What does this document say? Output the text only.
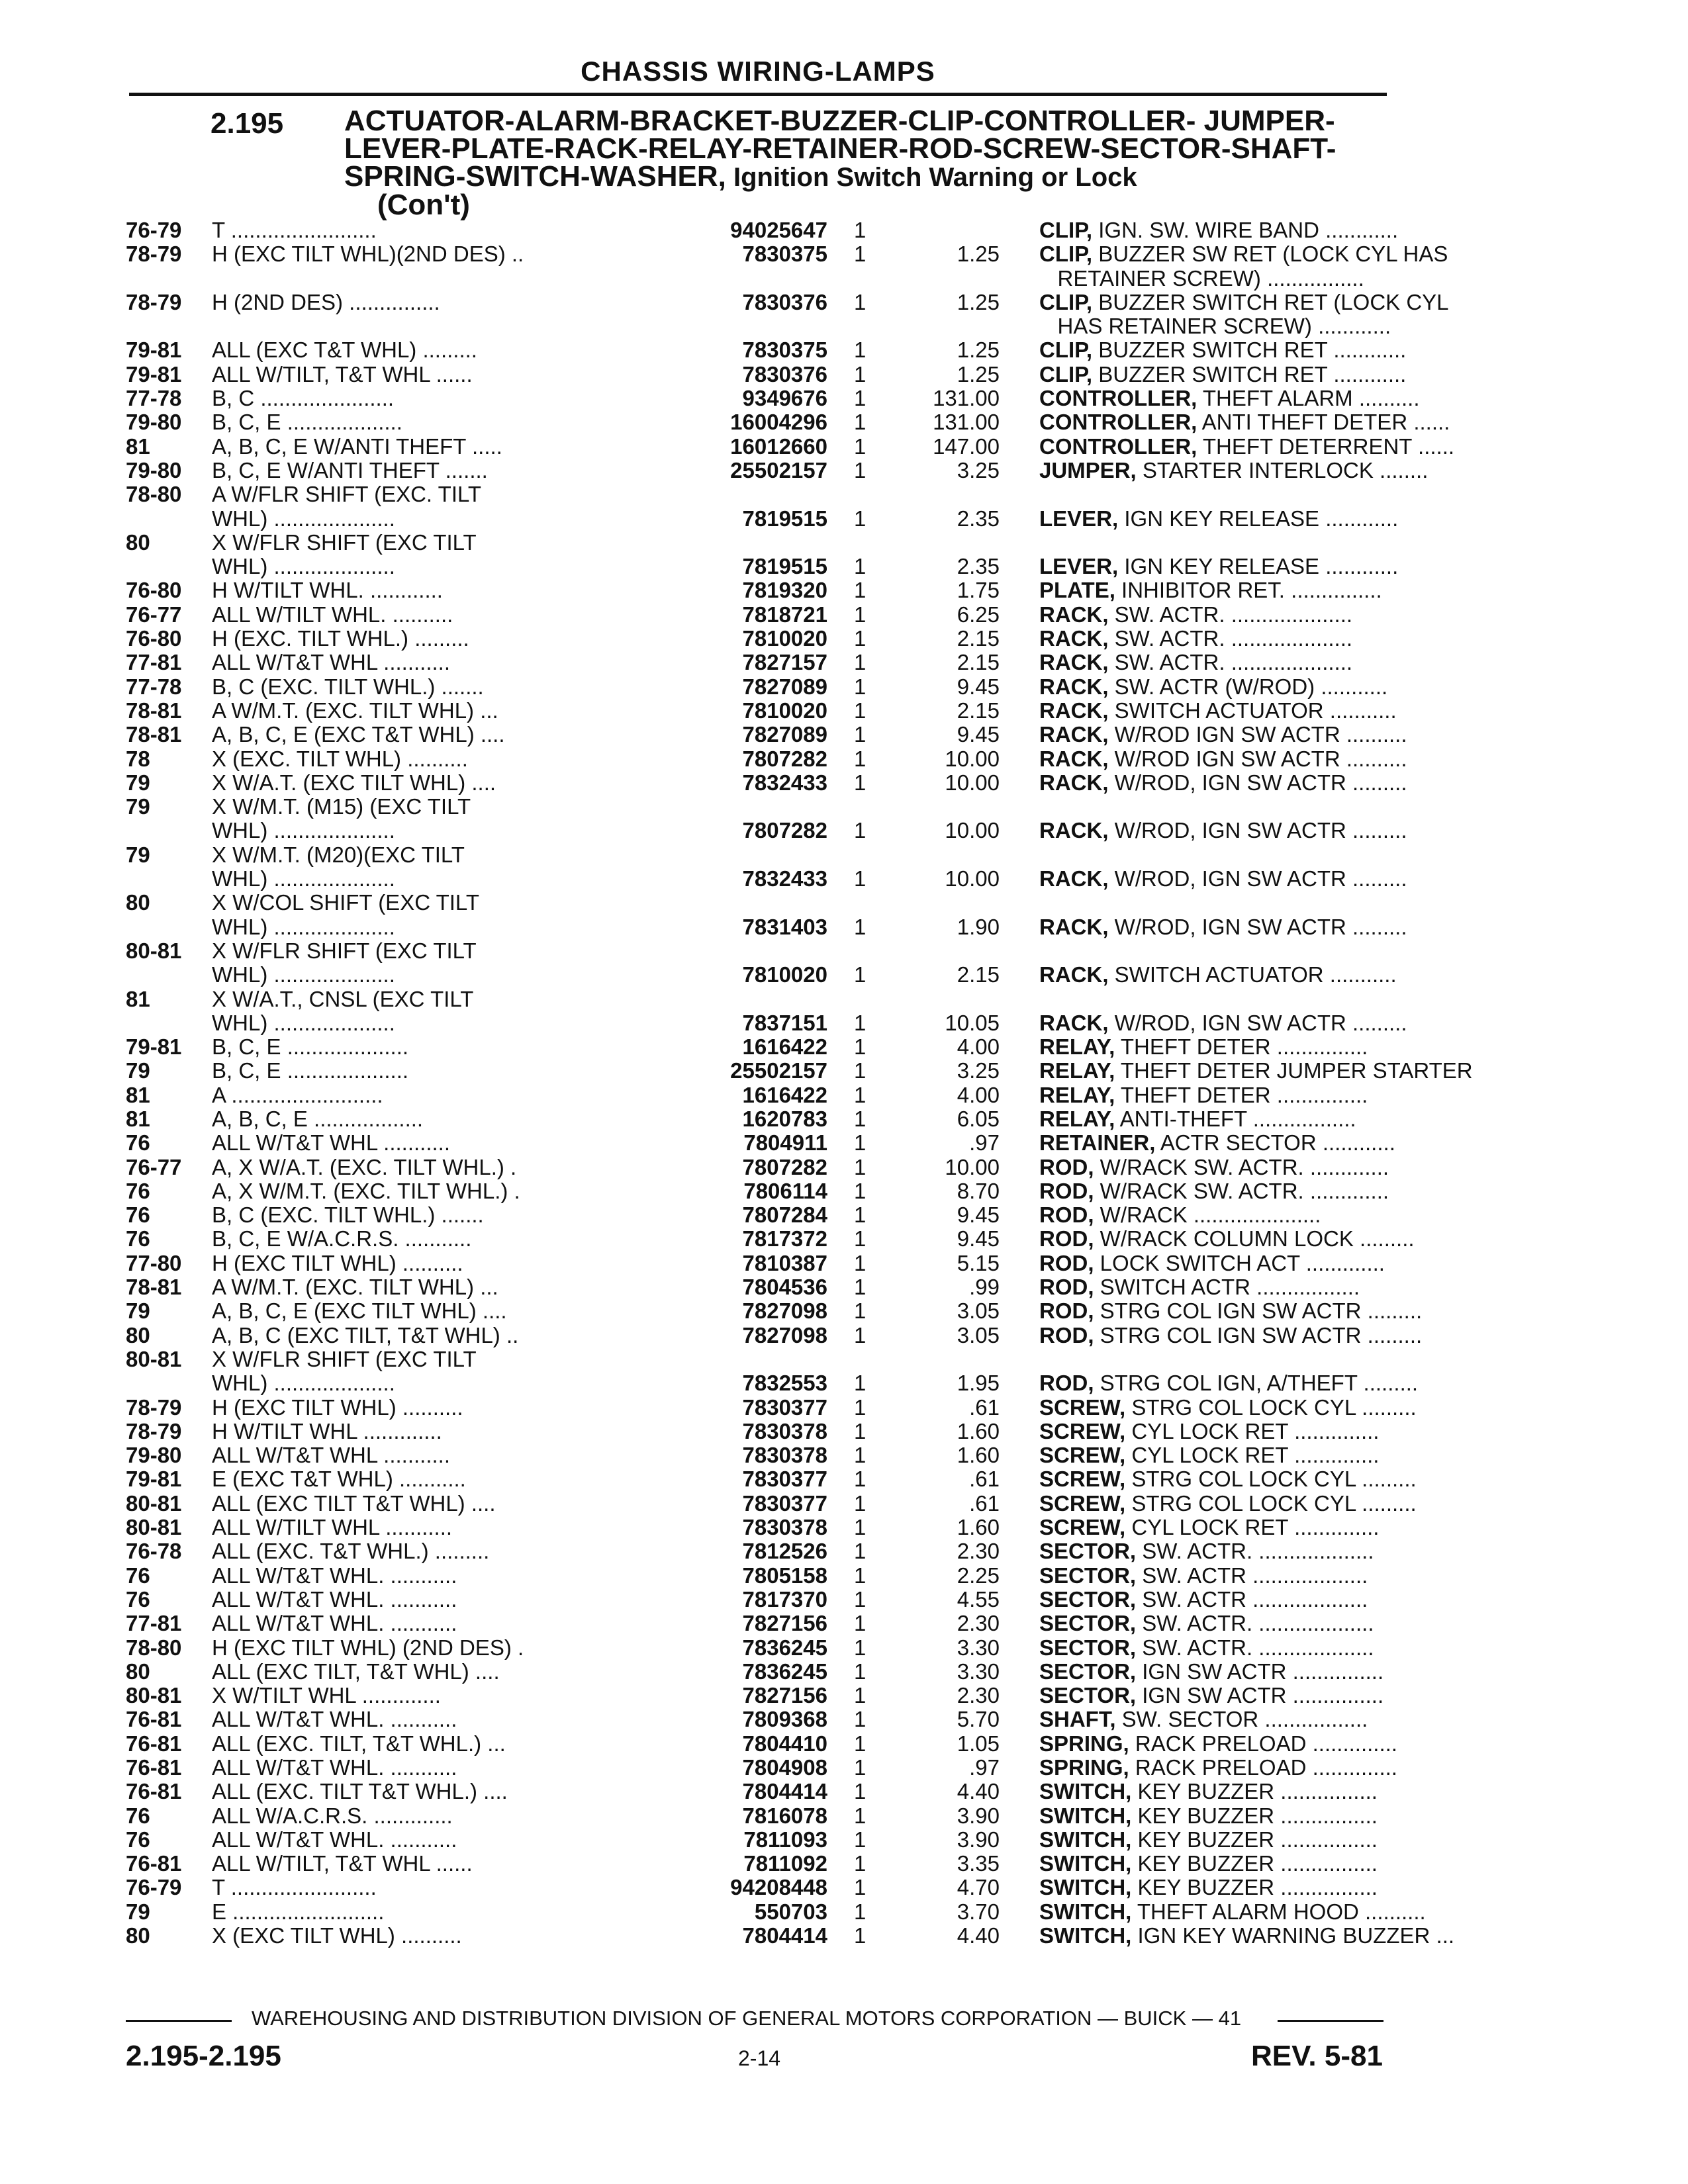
CHASSIS WIRING-LAMPS
2.195 ACTUATOR-ALARM-BRACKET-BUZZER-CLIP-CONTROLLER- JUMPER-LEVER-PLATE-RACK-RELAY-RETAINER-ROD-SCREW-SECTOR-SHAFT-SPRING-SWITCH-WASHER, Ignition Switch Warning or Lock
(Con't)
76-79 T ........................	94025647 1	CLIP, IGN. SW. WIRE BAND ............
78-79 H (EXC TILT WHL)(2ND DES) ..	7830375 1	1.25 CLIP, BUZZER SW RET (LOCK CYL HAS
RETAINER SCREW) ................
78-79 H (2ND DES) ...............	7830376 1	1.25 CLIP, BUZZER SWITCH RET (LOCK CYL
HAS RETAINER SCREW) ............
79-81 ALL (EXC T&T WHL) .........	7830375 1	1.25 CLIP, BUZZER SWITCH RET ............
79-81 ALL W/TILT, T&T WHL ......	7830376 1	1.25 CLIP, BUZZER SWITCH RET ............
77-78 B, C ......................	9349676 1	131.00 CONTROLLER, THEFT ALARM ..........
79-80 B, C, E ...................	16004296 1	131.00 CONTROLLER, ANTI THEFT DETER ......
81	A, B, C, E W/ANTI THEFT .....	16012660 1	147.00 CONTROLLER, THEFT DETERRENT ......
79-80 B, C, E W/ANTI THEFT .......	25502157 1	3.25 JUMPER, STARTER INTERLOCK ........
78-80 A W/FLR SHIFT (EXC. TILT
WHL) ....................	7819515 1	2.35 LEVER, IGN KEY RELEASE ............
80	X W/FLR SHIFT (EXC TILT
WHL) ....................	7819515 1	2.35 LEVER, IGN KEY RELEASE ............
76-80 H W/TILT WHL. ............	7819320 1	1.75 PLATE, INHIBITOR RET. ...............
76-77 ALL W/TILT WHL. ..........	7818721 1	6.25 RACK, SW. ACTR. ....................
76-80 H (EXC. TILT WHL.) .........	7810020 1	2.15 RACK, SW. ACTR. ....................
77-81 ALL W/T&T WHL ...........	7827157 1	2.15 RACK, SW. ACTR. ....................
77-78 B, C (EXC. TILT WHL.) .......	7827089 1	9.45 RACK, SW. ACTR (W/ROD) ...........
78-81 A W/M.T. (EXC. TILT WHL) ...	7810020 1	2.15 RACK, SWITCH ACTUATOR ...........
78-81 A, B, C, E (EXC T&T WHL) ....	7827089 1	9.45 RACK, W/ROD IGN SW ACTR ..........
78	X (EXC. TILT WHL) ..........	7807282 1	10.00 RACK, W/ROD IGN SW ACTR ..........
79	X W/A.T. (EXC TILT WHL) ....	7832433 1	10.00 RACK, W/ROD, IGN SW ACTR .........
79	X W/M.T. (M15) (EXC TILT
WHL) ....................	7807282 1	10.00 RACK, W/ROD, IGN SW ACTR .........
79	X W/M.T. (M20)(EXC TILT
WHL) ....................	7832433 1	10.00 RACK, W/ROD, IGN SW ACTR .........
80	X W/COL SHIFT (EXC TILT
WHL) ....................	7831403 1	1.90 RACK, W/ROD, IGN SW ACTR .........
80-81 X W/FLR SHIFT (EXC TILT
WHL) ....................	7810020 1	2.15 RACK, SWITCH ACTUATOR ...........
81	X W/A.T., CNSL (EXC TILT
WHL) ....................	7837151 1	10.05 RACK, W/ROD, IGN SW ACTR .........
79-81 B, C, E ....................	1616422 1	4.00 RELAY, THEFT DETER ...............
79	B, C, E ....................	25502157 1	3.25 RELAY, THEFT DETER JUMPER STARTER
81	A .........................	1616422 1	4.00 RELAY, THEFT DETER ...............
81	A, B, C, E ..................	1620783 1	6.05 RELAY, ANTI-THEFT .................
76	ALL W/T&T WHL ...........	7804911 1	.97 RETAINER, ACTR SECTOR ............
76-77 A, X W/A.T. (EXC. TILT WHL.) .	7807282 1	10.00 ROD, W/RACK SW. ACTR. .............
76	A, X W/M.T. (EXC. TILT WHL.) .	7806114 1	8.70 ROD, W/RACK SW. ACTR. .............
76	B, C (EXC. TILT WHL.) .......	7807284 1	9.45 ROD, W/RACK .....................
76	B, C, E W/A.C.R.S. ...........	7817372 1	9.45 ROD, W/RACK COLUMN LOCK .........
77-80 H (EXC TILT WHL) ..........	7810387 1	5.15 ROD, LOCK SWITCH ACT .............
78-81 A W/M.T. (EXC. TILT WHL) ...	7804536 1	.99 ROD, SWITCH ACTR .................
79	A, B, C, E (EXC TILT WHL) ....	7827098 1	3.05 ROD, STRG COL IGN SW ACTR .........
80	A, B, C (EXC TILT, T&T WHL) ..	7827098 1	3.05 ROD, STRG COL IGN SW ACTR .........
80-81 X W/FLR SHIFT (EXC TILT
WHL) ....................	7832553 1	1.95 ROD, STRG COL IGN, A/THEFT .........
78-79 H (EXC TILT WHL) ..........	7830377 1	.61 SCREW, STRG COL LOCK CYL .........
78-79 H W/TILT WHL .............	7830378 1	1.60 SCREW, CYL LOCK RET ..............
79-80 ALL W/T&T WHL ...........	7830378 1	1.60 SCREW, CYL LOCK RET ..............
79-81 E (EXC T&T WHL) ...........	7830377 1	.61 SCREW, STRG COL LOCK CYL .........
80-81 ALL (EXC TILT T&T WHL) ....	7830377 1	.61 SCREW, STRG COL LOCK CYL .........
80-81 ALL W/TILT WHL ...........	7830378 1	1.60 SCREW, CYL LOCK RET ..............
76-78 ALL (EXC. T&T WHL.) .........	7812526 1	2.30 SECTOR, SW. ACTR. ...................
76	ALL W/T&T WHL. ...........	7805158 1	2.25 SECTOR, SW. ACTR ...................
76	ALL W/T&T WHL. ...........	7817370 1	4.55 SECTOR, SW. ACTR ...................
77-81 ALL W/T&T WHL. ...........	7827156 1	2.30 SECTOR, SW. ACTR. ...................
78-80 H (EXC TILT WHL) (2ND DES) .	7836245 1	3.30 SECTOR, SW. ACTR. ...................
80	ALL (EXC TILT, T&T WHL) ....	7836245 1	3.30 SECTOR, IGN SW ACTR ...............
80-81 X W/TILT WHL .............	7827156 1	2.30 SECTOR, IGN SW ACTR ...............
76-81 ALL W/T&T WHL. ...........	7809368 1	5.70 SHAFT, SW. SECTOR .................
76-81 ALL (EXC. TILT, T&T WHL.) ...	7804410 1	1.05 SPRING, RACK PRELOAD ..............
76-81 ALL W/T&T WHL. ...........	7804908 1	.97 SPRING, RACK PRELOAD ..............
76-81 ALL (EXC. TILT T&T WHL.) ....	7804414 1	4.40 SWITCH, KEY BUZZER ................
76	ALL W/A.C.R.S. .............	7816078 1	3.90 SWITCH, KEY BUZZER ................
76	ALL W/T&T WHL. ...........	7811093 1	3.90 SWITCH, KEY BUZZER ................
76-81 ALL W/TILT, T&T WHL ......	7811092 1	3.35 SWITCH, KEY BUZZER ................
76-79 T ........................	94208448 1	4.70 SWITCH, KEY BUZZER ................
79	E .........................	550703 1	3.70 SWITCH, THEFT ALARM HOOD ..........
80	X (EXC TILT WHL) ..........	7804414 1	4.40 SWITCH, IGN KEY WARNING BUZZER ...
WAREHOUSING AND DISTRIBUTION DIVISION OF GENERAL MOTORS CORPORATION — BUICK — 41
2.195-2.195	2-14	REV. 5-81
